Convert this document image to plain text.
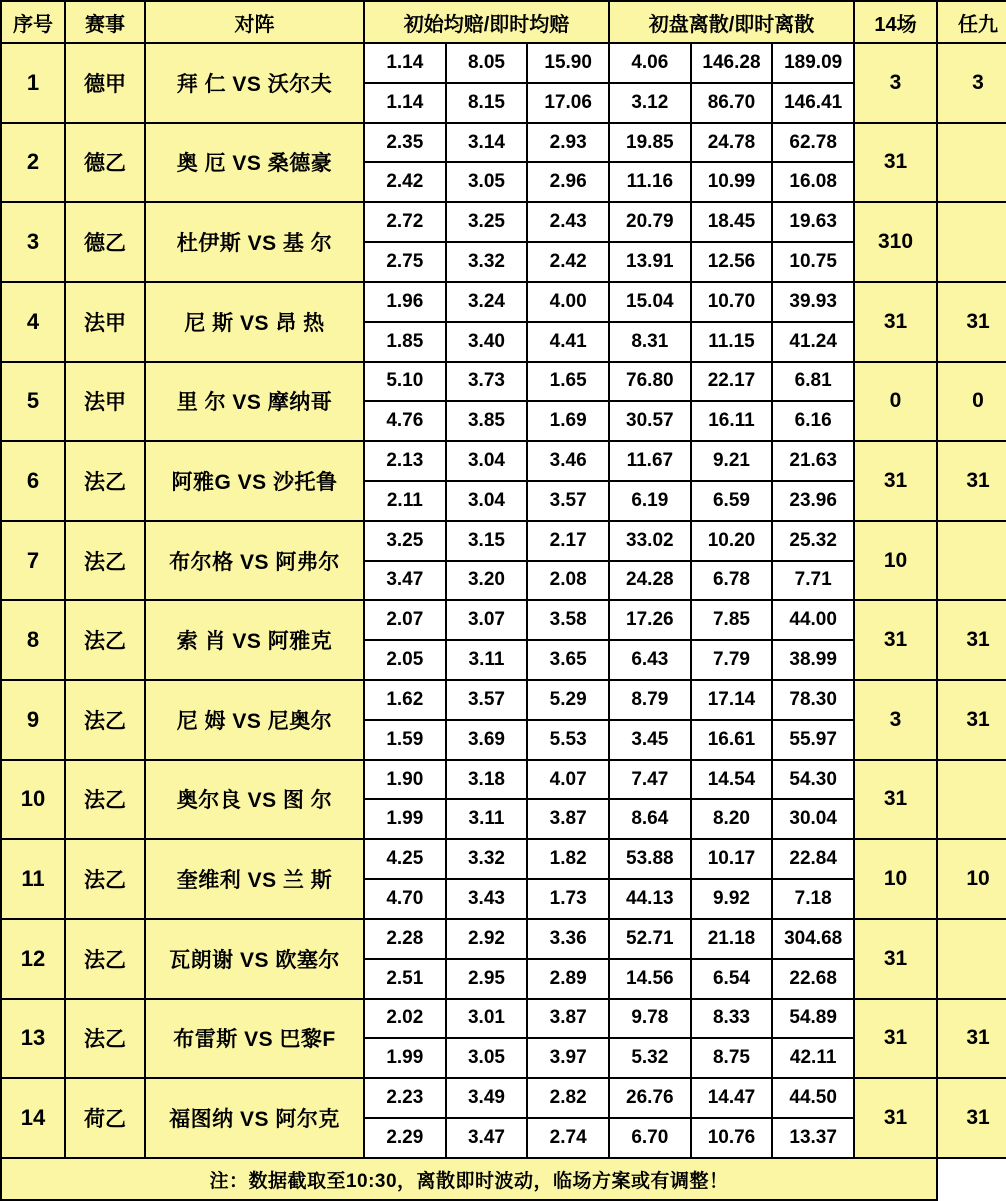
序号	赛事	对阵	初始均赔/即时均赔			初盘离散/即时离散			14场	任九
1	德甲	拜 仁 VS 沃尔夫	1.14	8.05	15.90	4.06	146.28	189.09	3	3
			1.14	8.15	17.06	3.12	86.70	146.41		
2	德乙	奥 厄 VS 桑德豪	2.35	3.14	2.93	19.85	24.78	62.78	31	
			2.42	3.05	2.96	11.16	10.99	16.08		
3	德乙	杜伊斯 VS 基 尔	2.72	3.25	2.43	20.79	18.45	19.63	310	
			2.75	3.32	2.42	13.91	12.56	10.75		
4	法甲	尼 斯 VS 昂 热	1.96	3.24	4.00	15.04	10.70	39.93	31	31
			1.85	3.40	4.41	8.31	11.15	41.24		
5	法甲	里 尔 VS 摩纳哥	5.10	3.73	1.65	76.80	22.17	6.81	0	0
			4.76	3.85	1.69	30.57	16.11	6.16		
6	法乙	阿雅G VS 沙托鲁	2.13	3.04	3.46	11.67	9.21	21.63	31	31
			2.11	3.04	3.57	6.19	6.59	23.96		
7	法乙	布尔格 VS 阿弗尔	3.25	3.15	2.17	33.02	10.20	25.32	10	
			3.47	3.20	2.08	24.28	6.78	7.71		
8	法乙	索 肖 VS 阿雅克	2.07	3.07	3.58	17.26	7.85	44.00	31	31
			2.05	3.11	3.65	6.43	7.79	38.99		
9	法乙	尼 姆 VS 尼奥尔	1.62	3.57	5.29	8.79	17.14	78.30	3	31
			1.59	3.69	5.53	3.45	16.61	55.97		
10	法乙	奥尔良 VS 图 尔	1.90	3.18	4.07	7.47	14.54	54.30	31	
			1.99	3.11	3.87	8.64	8.20	30.04		
11	法乙	奎维利 VS 兰 斯	4.25	3.32	1.82	53.88	10.17	22.84	10	10
			4.70	3.43	1.73	44.13	9.92	7.18		
12	法乙	瓦朗谢 VS 欧塞尔	2.28	2.92	3.36	52.71	21.18	304.68	31	
			2.51	2.95	2.89	14.56	6.54	22.68		
13	法乙	布雷斯 VS 巴黎F	2.02	3.01	3.87	9.78	8.33	54.89	31	31
			1.99	3.05	3.97	5.32	8.75	42.11		
14	荷乙	福图纳 VS 阿尔克	2.23	3.49	2.82	26.76	14.47	44.50	31	31
			2.29	3.47	2.74	6.70	10.76	13.37		
注：数据截取至10:30，离散即时波动，临场方案或有调整！										
